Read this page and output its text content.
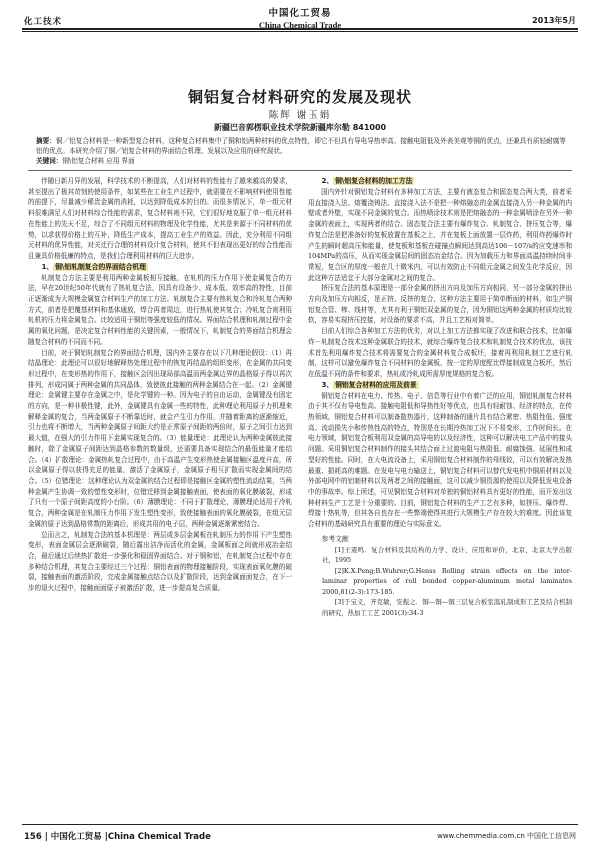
中国化工贸易
China Chemical Trade
化工技术	2013年5月
铜铝复合材料研究的发展及现状
陈辉 谢玉娟
新疆巴音郭楞职业技术学院新疆库尔勒 841000
摘要：铜／铝复合材料是一种新型复合材料，这种复合材料集中了铜和铝两种材料的优点特性，即它不但具有导电导热率高、接触电阻低及外表美观等铜的优点，还兼具有质轻耐腐等铝的优点。本研究介绍了铜／铝复合材料的界面结合机理、发展以及应用的研究现状。
关键词：铜\铝复合材料 应用 界面

伴随日新月异的发展，科学技术的不断提高，人们对材料的性能有了越来越高的要求，甚至提出了极其苛刻的使用条件，如某些在工业生产过程中，就需要在不影响材料使用性能的前提下，尽量减少稀贵金属的消耗，以达到降低成本的目的。而很多情况下，单一组元材料很难满足人们对材料综合性能的需求，复合材料则不同，它们很好地克服了单一组元材料在性能上的先天不足，综合了不同组元材料的物理及化学性能，尤其是来源于不同材料的优势，以求获得价格上的互补，降低生产成本，提高工业生产的效益。因此，充分利用不同组元材料的优异性能，对关迁行合理的材料设计复合材料，使其不但表现出更好的综合性能而且兼具价格低廉的特点，是我们合理利用材料的巨大进步。

1、 铜\铝轧制复合的界面结合机理

轧制复合方法主要是利用两种金属板相互接触，在轧机的压力作用下使金属复合的方法，早在20世纪50年代就有了热轧复合法，因具有设备少、成本低、效率高的特性，目前正逐渐成为大规模金属复合材料生产的加工方法。轧制复合主要有热轧复合和冷轧复合两种方式，前者是把覆基材料和基体通放，焊合再者周边，进行热轧使其复合；冷轧复合则利用轧机的压力将金属复合。比较适用于铜铝等强度较低的情况。界面结合机理和轧制过程中金属的氧化问题，是决定复合材料性能的关键因素，一般情况下，轧制复合的界面结合机理会随复合材料的不同而不同。

目前，对于铜铝轧制复合的界面结合机理，国内外主要存在以下几种理论假设：（1）再结晶理论：此理论可以很好地解释热处理过程中的恢复再结晶的组织变形，在金属的共同变形过程中，在变形热的作用下，接触区会因出现局部高温而两金属边界的晶格原子得以再次排列，形成同属于两种金属的共同晶体，致使彼此接触的两种金属结合在一起。（2）金属键理论：金属键主要存在金属之中，是化学键的一种。因为电子的自由运动，金属键没有固定的方向，是一种非极性键，此外，金属键具有金属一些的特性，此种理论利用原子力机理来解释金属的复合，当两金属原子不断靠近时，就会产生引力作用，并随着距离的逐渐缩近，引力也将不断增大，当两种金属原子间距大约是正常原子间距的两倍时，原子之间引力达到最大值，在强大的引力作用下金属实现复合的。（3）能量理论：此理论认为两种金属彼此接触时，除了金属原子间距达到晶格参数的数量级，还需要具备实现结合的最低能量才能结合。（4）扩散理论：金属热轧复合过程中，由于高温产生变形热使金属接触区温度升高，所以金属原子得以获得充足的能量，激活了金属原子，金属原子相互扩散而实现金属间的结合。（5）位错理论：这种理论认为双金属的结合过程即是接触区金属的塑性流动结果，当两种金属产生协调一致的塑性变形时，位错迁移到金属接触表面，使表面的氧化膜破裂，形成了只有一个原子间距高度的小台阶。（6）薄膜理论：不同于扩散理论，薄膜理论适用于冷轧复合，两种金属是在轧制压力作用下发生塑性变形，致使接触表面的氧化膜破裂，在组元层金属的原子达到晶格常数的距离后，形成共用的电子层，两种金属逐渐紧密结合。

总而言之，轧制复合法的基本机理是：两层或多层金属板在轧制压力的作用下产生塑性变形，表面金属层会逐渐破裂，随后露出洁净而活化的金属，金属板面之间就形成冶金结合，最后通过后续热扩散进一步强化和稳固界面结合。对于铜和铝，在轧制复合过程中存在多种结合机理，其复合主要经过三个过程：铜铝表面的物理接触阶段，实现表面氧化膜的破裂，接触表面的激活阶段，完成金属接触点结合以及扩散阶段，达到金属面面复合，在下一步的退火过程中，接触面面原子被激活扩散，进一步提高复合质量。

2、 铜\铝复合材料的加工方法

国内外针对铜铝复合材料有多种加工方法，主要有液态复合和固态复合两大类，前者采用直接浇入法、熔覆浇铸法、直接浇入法不是把一种熔融态的金属直接浇入另一种金属的内壁或者外壁，实现不同金属的复合。而热喷涂技术则是把熔融态的一种金属喷涂在另外一种金属的表面上，实现两者的结合。固态复合法主要有爆炸复合、轧制复合、挤压复合等，爆炸复合法是把准备好的复板放置在基板之上，并在复板上面放置一层炸药，利用炸药爆炸时产生的瞬时超高压和能量，使复板和基板在碰撞点瞬间达到高达106－107/s的应变速率和104MPa的高压，从而实现金属层间的固态冶金结合。因为加载压力和界面高温持续时间非常短，复合区的厚度一般在几十微米内，可以有效防止不同组元金属之间发生化学反应，因此这种方法适宜于大部分金属对之间的复合。

挤压复合法的基本原理是一部分金属的挤出方向及加压方向相同，另一部分金属的挤出方向及加压方向相反，是正挤、反挤的复合，这种方法主要用于简单断面的材料，如生产铜铝复合管、棒、线材等，尤其有利于铜铝双金属的复合，因为铜铝这两种金属的材质均比较软，容易实现挤压控接，对设备的要求不高，并且工艺相对简单。

目前人们综合各种加工方法的优劣，对以上加工方法都实现了改进和联合技术，比如爆炸－轧制复合技术这种金属联合的技术，就综合爆炸复合技术和轧制复合技术的优点，该技术首先利用爆炸复合技术将需要复合的金属材料复合成板坯，接着再利用轧制工艺进行轧制，这样可以避免爆炸复合不同材料的金属板，按一定的厚度配比焊接制成复合板坯，然后在低温不同的条件和要求，热轧或冷轧成所需厚度规格的复合板。

3、 铜铝复合材料的应用及前景

铜铝复合材料在电力、传热、电子、信息等行业中有着广泛的应用，铜铝轧制复合材料由于其不仅有导电性高、接触电阻低和导热性好等优点，也具有轻耐蚀、经济的特点，在传热领域，铜铝复合材料可以制备散热器片，这种制备的通片具有结合紧密、热阻性低、强度高、流动损失小和传热性高的特点，特别是在长期冷热加工况下不易变形，工作时间长。在电力领域，铜铝复合板利用双金属的高导电的以及经济性，这种可以解决电工产品中的接头问题。采用铜铝复合材料制作的接头其结合面上过渡电阻与热阻低、耐腐蚀强、延展性和成型好的性能。同时，在大电流设备上，采用铜铝复合材料制作的母线铰，可以有效解决发热最重、损耗高的难题。在发电与电力输送上，铜铝复合材料可以替代发电机中铜质材料以及外部电网中的铝制材料以及两者之间的接触面，这可以减少铜资源的使用以及降低发电设备中的事故率。综上所述，可见铜铝复合材料对单独的铜铝材料具有更好的性能，而开发出这种材料生产工艺是十分重要的。目前，铜铝复合材料的生产工艺有多种，如挤压、爆炸焊、焊接十热轧等，但其各自也存在一些弊端使得其进行大规模生产存在较大的难度。因此该复合材料的基础研究具有重要的理论与实际意义。

参考文献

[1]王震鸣．复合材料及其结构的力学、设计、应用和评价，北京，北京大学出版社，1995

[2]K.X.Peng;B.Wuhrer;G.Henss Rolling strain effects on the inter-laminar properties of roll bonded copper-aluminum metal laminates 2000,81(2-3):173-185.

[3]于宝义，齐克敏，安振之．铜—铜—铜三层复合板室温轧制成形工艺及结合机制的研究，热加工工艺 2001(3):34-3

156 | 中国化工贸易 |China Chemical Trade	www.chemmedia.com.cn 中国化工信息网
